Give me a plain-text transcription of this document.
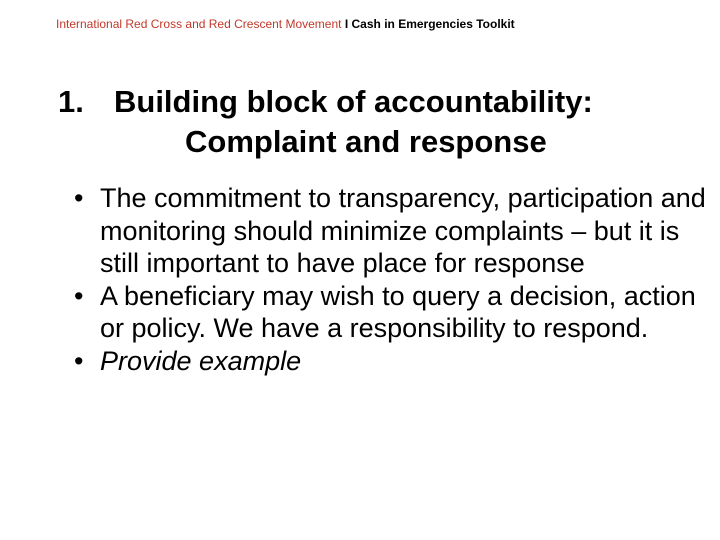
International Red Cross and Red Crescent Movement I Cash in Emergencies Toolkit
1. Building block of accountability:
Complaint and response
• The commitment to transparency, participation and monitoring should minimize complaints – but it is still important to have place for response
• A beneficiary may wish to query a decision, action or policy. We have a responsibility to respond.
• Provide example
